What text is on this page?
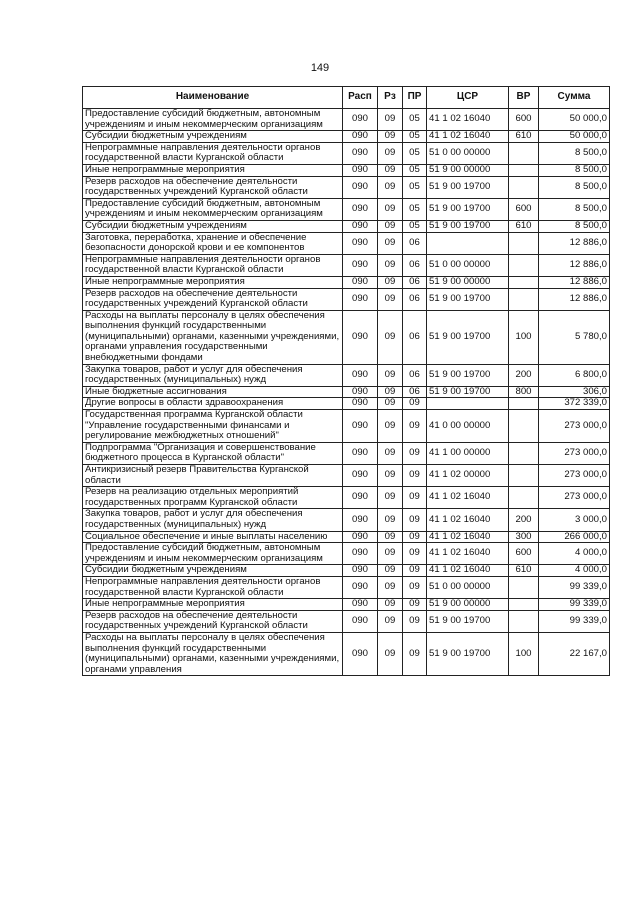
149
Наименование	Расп	Рз	ПР	ЦСР	ВР	Сумма
Предоставление субсидий бюджетным, автономным учреждениям и иным некоммерческим организациям	090	09	05	41 1 02 16040	600	50 000,0
Субсидии бюджетным учреждениям	090	09	05	41 1 02 16040	610	50 000,0
Непрограммные направления деятельности органов государственной власти Курганской области	090	09	05	51 0 00 00000		8 500,0
Иные непрограммные мероприятия	090	09	05	51 9 00 00000		8 500,0
Резерв расходов на обеспечение деятельности государственных учреждений Курганской области	090	09	05	51 9 00 19700		8 500,0
Предоставление субсидий бюджетным, автономным учреждениям и иным некоммерческим организациям	090	09	05	51 9 00 19700	600	8 500,0
Субсидии бюджетным учреждениям	090	09	05	51 9 00 19700	610	8 500,0
Заготовка, переработка, хранение и обеспечение безопасности донорской крови и ее компонентов	090	09	06			12 886,0
Непрограммные направления деятельности органов государственной власти Курганской области	090	09	06	51 0 00 00000		12 886,0
Иные непрограммные мероприятия	090	09	06	51 9 00 00000		12 886,0
Резерв расходов на обеспечение деятельности государственных учреждений Курганской области	090	09	06	51 9 00 19700		12 886,0
Расходы на выплаты персоналу в целях обеспечения выполнения функций государственными (муниципальными) органами, казенными учреждениями, органами управления государственными внебюджетными фондами	090	09	06	51 9 00 19700	100	5 780,0
Закупка товаров, работ и услуг для обеспечения государственных (муниципальных) нужд	090	09	06	51 9 00 19700	200	6 800,0
Иные бюджетные ассигнования	090	09	06	51 9 00 19700	800	306,0
Другие вопросы в области здравоохранения	090	09	09			372 339,0
Государственная программа Курганской области "Управление государственными финансами и регулирование межбюджетных отношений"	090	09	09	41 0 00 00000		273 000,0
Подпрограмма "Организация и совершенствование бюджетного процесса в Курганской области"	090	09	09	41 1 00 00000		273 000,0
Антикризисный резерв Правительства Курганской области	090	09	09	41 1 02 00000		273 000,0
Резерв на реализацию отдельных мероприятий государственных программ Курганской области	090	09	09	41 1 02 16040		273 000,0
Закупка товаров, работ и услуг для обеспечения государственных (муниципальных) нужд	090	09	09	41 1 02 16040	200	3 000,0
Социальное обеспечение и иные выплаты населению	090	09	09	41 1 02 16040	300	266 000,0
Предоставление субсидий бюджетным, автономным учреждениям и иным некоммерческим организациям	090	09	09	41 1 02 16040	600	4 000,0
Субсидии бюджетным учреждениям	090	09	09	41 1 02 16040	610	4 000,0
Непрограммные направления деятельности органов государственной власти Курганской области	090	09	09	51 0 00 00000		99 339,0
Иные непрограммные мероприятия	090	09	09	51 9 00 00000		99 339,0
Резерв расходов на обеспечение деятельности государственных учреждений Курганской области	090	09	09	51 9 00 19700		99 339,0
Расходы на выплаты персоналу в целях обеспечения выполнения функций государственными (муниципальными) органами, казенными учреждениями, органами управления	090	09	09	51 9 00 19700	100	22 167,0
